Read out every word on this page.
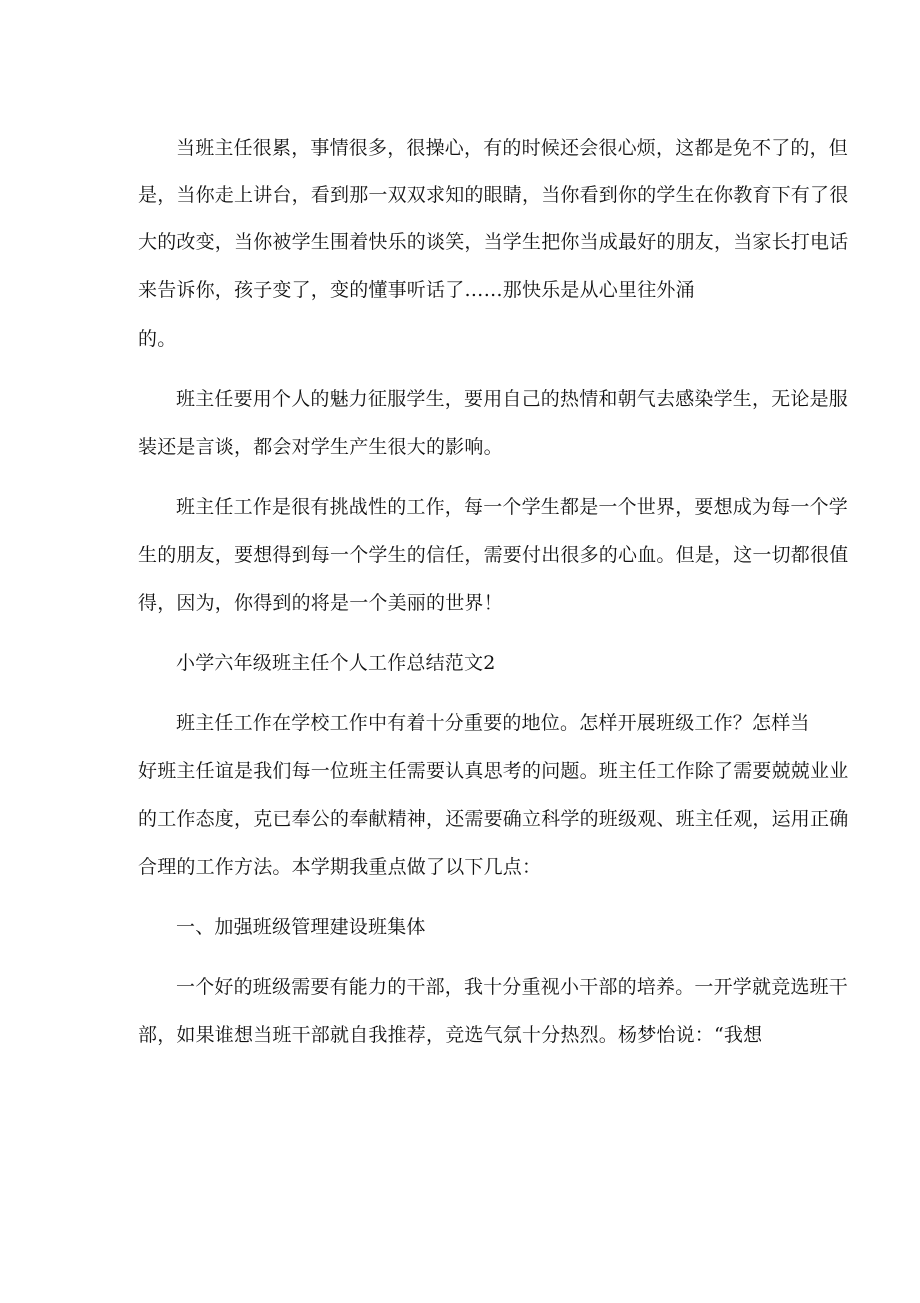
当班主任很累，事情很多，很操心，有的时候还会很心烦，这都是免不了的，但
是，当你走上讲台，看到那一双双求知的眼睛，当你看到你的学生在你教育下有了很
大的改变，当你被学生围着快乐的谈笑，当学生把你当成最好的朋友，当家长打电话
来告诉你，孩子变了，变的懂事听话了……那快乐是从心里往外涌
的。
班主任要用个人的魅力征服学生，要用自己的热情和朝气去感染学生，无论是服
装还是言谈，都会对学生产生很大的影响。
班主任工作是很有挑战性的工作，每一个学生都是一个世界，要想成为每一个学
生的朋友，要想得到每一个学生的信任，需要付出很多的心血。但是，这一切都很值
得，因为，你得到的将是一个美丽的世界！
小学六年级班主任个人工作总结范文2
班主任工作在学校工作中有着十分重要的地位。怎样开展班级工作？怎样当
好班主任谊是我们每一位班主任需要认真思考的问题。班主任工作除了需要兢兢业业
的工作态度，克已奉公的奉献精神，还需要确立科学的班级观、班主任观，运用正确
合理的工作方法。本学期我重点做了以下几点：
一、加强班级管理建设班集体
一个好的班级需要有能力的干部，我十分重视小干部的培养。一开学就竞选班干
部，如果谁想当班干部就自我推荐，竞选气氛十分热烈。杨梦怡说：“我想
